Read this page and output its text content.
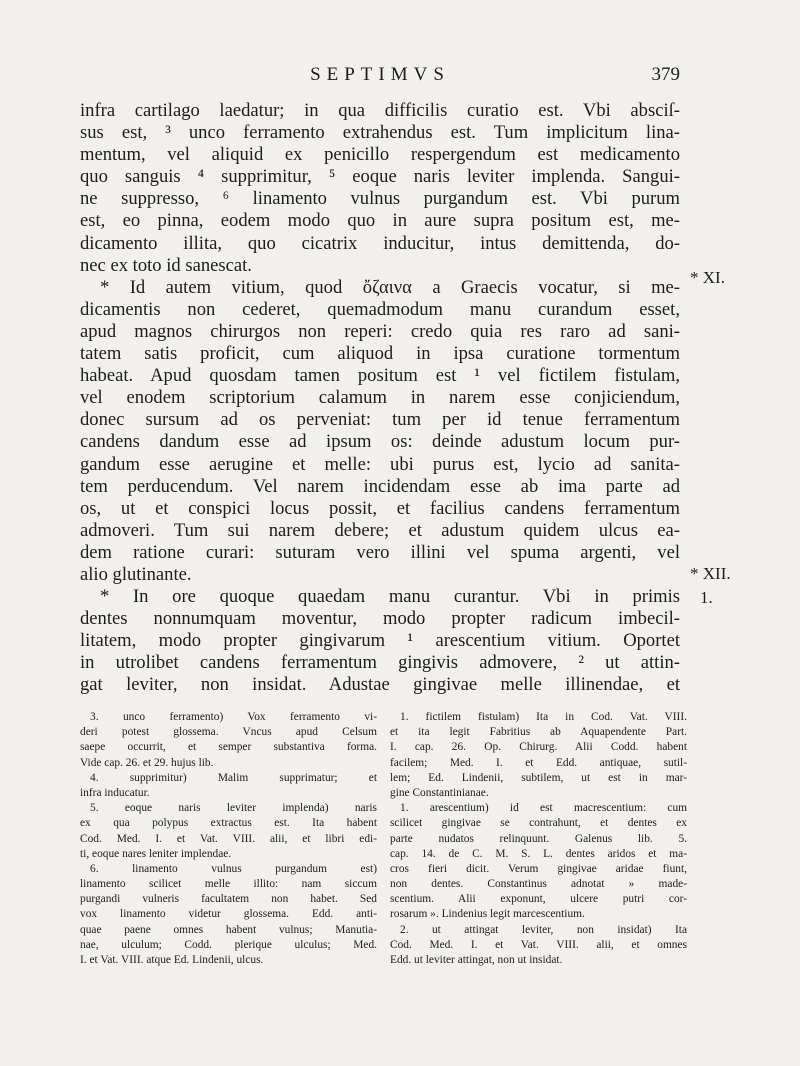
SEPTIMVS	379
infra cartilago laedatur; in qua difficilis curatio est. Vbi absciſ-
sus est, ³ unco ferramento extrahendus est. Tum implicitum lina-
mentum, vel aliquid ex penicillo respergendum est medicamento
quo sanguis ⁴ supprimitur, ⁵ eoque naris leviter implenda. Sangui-
ne suppresso, ⁶ linamento vulnus purgandum est. Vbi purum
est, eo pinna, eodem modo quo in aure supra positum est, me-
dicamento illita, quo cicatrix inducitur, intus demittenda, do-
nec ex toto id sanescat.
* Id autem vitium, quod ὄζαινα a Graecis vocatur, si me-
dicamentis non cederet, quemadmodum manu curandum esset,
apud magnos chirurgos non reperi: credo quia res raro ad sani-
tatem satis proficit, cum aliquod in ipsa curatione tormentum
habeat. Apud quosdam tamen positum est ¹ vel fictilem fistulam,
vel enodem scriptorium calamum in narem esse conjiciendum,
donec sursum ad os perveniat: tum per id tenue ferramentum
candens dandum esse ad ipsum os: deinde adustum locum pur-
gandum esse aerugine et melle: ubi purus est, lycio ad sanita-
tem perducendum. Vel narem incidendam esse ab ima parte ad
os, ut et conspici locus possit, et facilius candens ferramentum
admoveri. Tum sui narem debere; et adustum quidem ulcus ea-
dem ratione curari: suturam vero illini vel spuma argenti, vel
alio glutinante.
* In ore quoque quaedam manu curantur. Vbi in primis
dentes nonnumquam moventur, modo propter radicum imbecil-
litatem, modo propter gingivarum ¹ arescentium vitium. Oportet
in utrolibet candens ferramentum gingivis admovere, ² ut attin-
gat leviter, non insidat. Adustae gingivae melle illinendae, et
* XI.
* XII.
1.
3. unco ferramento) Vox ferramento vi-
deri potest glossema. Vncus apud Celsum
saepe occurrit, et semper substantiva forma.
Vide cap. 26. et 29. hujus lib.
4. supprimitur) Malim supprimatur; et
infra inducatur.
5. eoque naris leviter implenda) naris
ex qua polypus extractus est. Ita habent
Cod. Med. I. et Vat. VIII. alii, et libri edi-
ti, eoque nares leniter implendae.
6. linamento vulnus purgandum est)
linamento scilicet melle illito: nam siccum
purgandi vulneris facultatem non habet. Sed
vox linamento videtur glossema. Edd. anti-
quae paene omnes habent vulnus; Manutia-
nae, ulculum; Codd. plerique ulculus; Med.
I. et Vat. VIII. atque Ed. Lindenii, ulcus.
1. fictilem fistulam) Ita in Cod. Vat. VIII.
et ita legit Fabritius ab Aquapendente Part.
I. cap. 26. Op. Chirurg. Alii Codd. habent
facilem; Med. I. et Edd. antiquae, sutil-
lem; Ed. Lindenii, subtilem, ut est in mar-
gine Constantinianae.
1. arescentium) id est macrescentium: cum
scilicet gingivae se contrahunt, et dentes ex
parte nudatos relinquunt. Galenus lib. 5.
cap. 14. de C. M. S. L. dentes aridos et ma-
cros fieri dicit. Verum gingivae aridae fiunt,
non dentes. Constantinus adnotat » made-
scentium. Alii exponunt, ulcere putri cor-
rosarum ». Lindenius legit marcescentium.
2. ut attingat leviter, non insidat) Ita
Cod. Med. I. et Vat. VIII. alii, et omnes
Edd. ut leviter attingat, non ut insidat.
